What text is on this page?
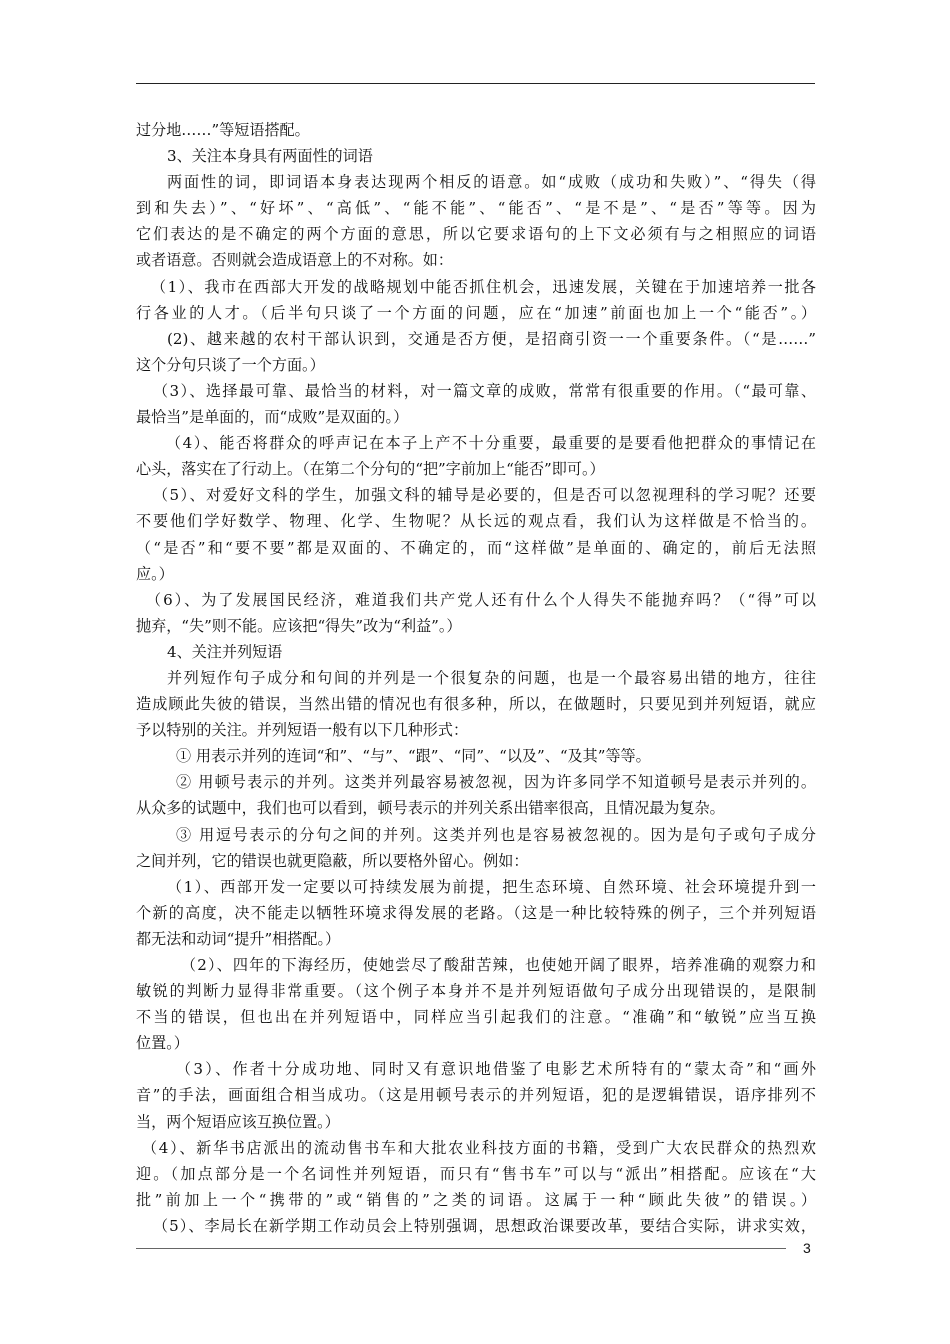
过分地……”等短语搭配。
3、关注本身具有两面性的词语
两面性的词，即词语本身表达现两个相反的语意。如“成败（成功和失败）”、“得失（得
到和失去）”、“好坏”、“高低”、“能不能”、“能否”、“是不是”、“是否”等等。因为
它们表达的是不确定的两个方面的意思，所以它要求语句的上下文必须有与之相照应的词语
或者语意。否则就会造成语意上的不对称。如：
（1）、我市在西部大开发的战略规划中能否抓住机会，迅速发展，关键在于加速培养一批各
行各业的人才。（后半句只谈了一个方面的问题，应在“加速”前面也加上一个“能否”。）
(2)、越来越的农村干部认识到，交通是否方便，是招商引资一一个重要条件。（“是……”
这个分句只谈了一个方面。）
（3）、选择最可靠、最恰当的材料，对一篇文章的成败，常常有很重要的作用。（“最可靠、
最恰当”是单面的，而“成败”是双面的。）
（4）、能否将群众的呼声记在本子上产不十分重要，最重要的是要看他把群众的事情记在
心头，落实在了行动上。（在第二个分句的“把”字前加上“能否”即可。）
（5）、对爱好文科的学生，加强文科的辅导是必要的，但是否可以忽视理科的学习呢？还要
不要他们学好数学、物理、化学、生物呢？从长远的观点看，我们认为这样做是不恰当的。
（“是否”和“要不要”都是双面的、不确定的，而“这样做”是单面的、确定的，前后无法照
应。）
（6）、为了发展国民经济，难道我们共产党人还有什么个人得失不能抛弃吗？（“得”可以
抛弃，“失”则不能。应该把“得失”改为“利益”。）
4、关注并列短语
并列短作句子成分和句间的并列是一个很复杂的问题，也是一个最容易出错的地方，往往
造成顾此失彼的错误，当然出错的情况也有很多种，所以，在做题时，只要见到并列短语，就应
予以特别的关注。并列短语一般有以下几种形式：
① 用表示并列的连词“和”、“与”、“跟”、“同”、“以及”、“及其”等等。
② 用顿号表示的并列。这类并列最容易被忽视，因为许多同学不知道顿号是表示并列的。
从众多的试题中，我们也可以看到，顿号表示的并列关系出错率很高，且情况最为复杂。
③ 用逗号表示的分句之间的并列。这类并列也是容易被忽视的。因为是句子或句子成分
之间并列，它的错误也就更隐蔽，所以要格外留心。例如：
（1）、西部开发一定要以可持续发展为前提，把生态环境、自然环境、社会环境提升到一
个新的高度，决不能走以牺牲环境求得发展的老路。（这是一种比较特殊的例子，三个并列短语
都无法和动词“提升”相搭配。）
（2）、四年的下海经历，使她尝尽了酸甜苦辣，也使她开阔了眼界，培养准确的观察力和
敏锐的判断力显得非常重要。（这个例子本身并不是并列短语做句子成分出现错误的，是限制
不当的错误，但也出在并列短语中，同样应当引起我们的注意。“准确”和“敏锐”应当互换
位置。）
（3）、作者十分成功地、同时又有意识地借鉴了电影艺术所特有的“蒙太奇”和“画外
音”的手法，画面组合相当成功。（这是用顿号表示的并列短语，犯的是逻辑错误，语序排列不
当，两个短语应该互换位置。）
（4）、新华书店派出的流动售书车和大批农业科技方面的书籍，受到广大农民群众的热烈欢
迎。（加点部分是一个名词性并列短语，而只有“售书车”可以与“派出”相搭配。应该在“大
批”前加上一个“携带的”或“销售的”之类的词语。这属于一种“顾此失彼”的错误。）
（5）、李局长在新学期工作动员会上特别强调，思想政治课要改革，要结合实际，讲求实效，
3
